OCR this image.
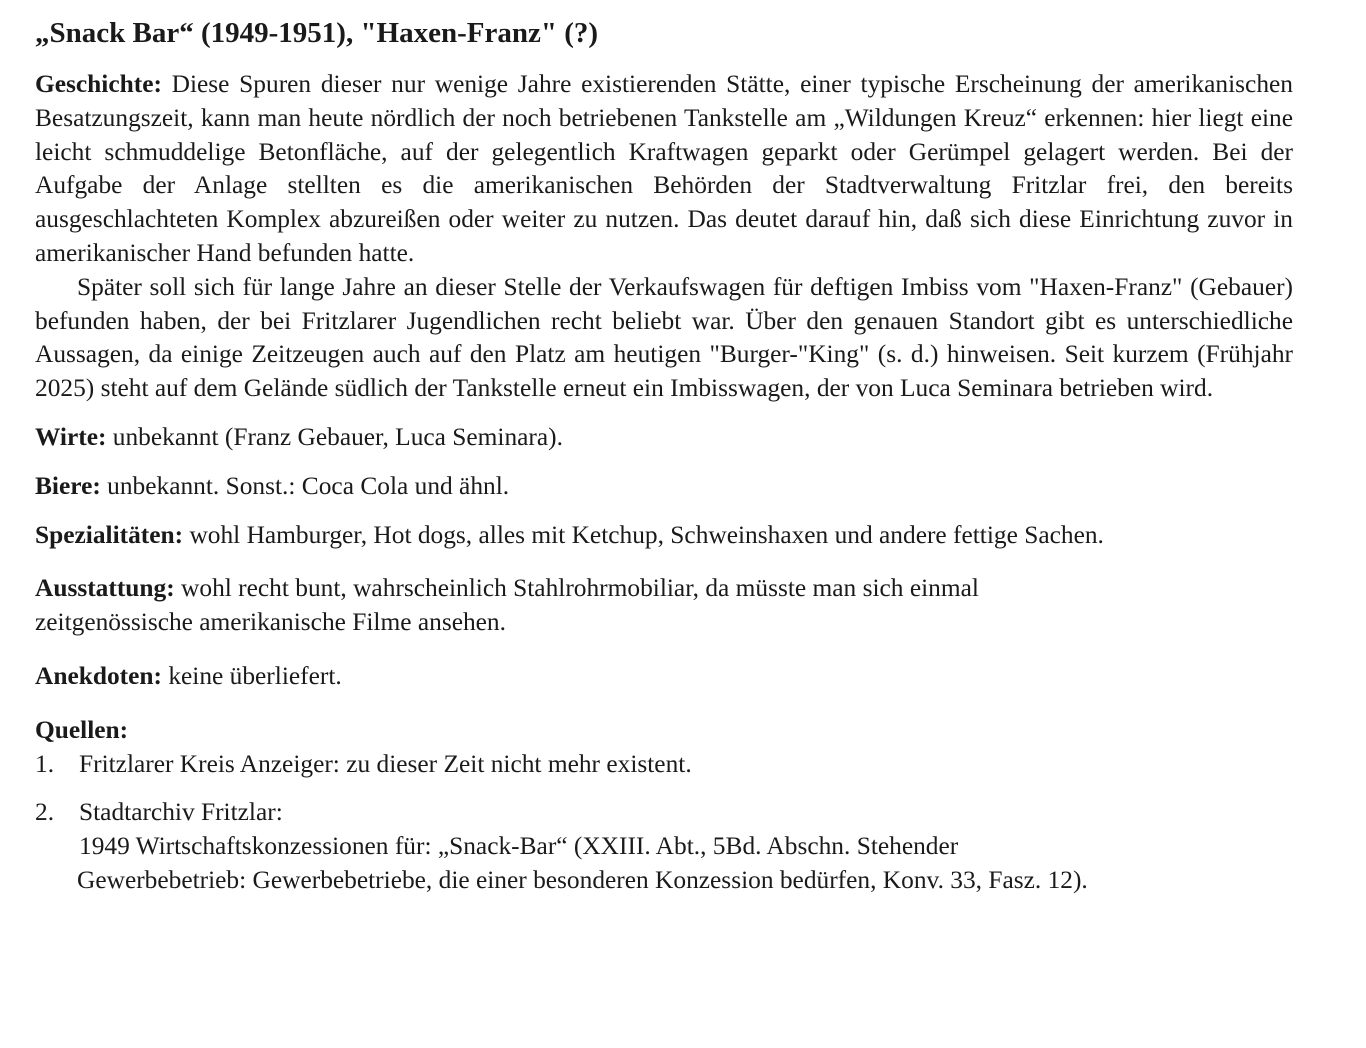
„Snack Bar“ (1949-1951), "Haxen-Franz" (?)

Geschichte: Diese Spuren dieser nur wenige Jahre existierenden Stätte, einer typische Erscheinung der amerikanischen Besatzungszeit, kann man heute nördlich der noch betriebenen Tankstelle am „Wildungen Kreuz“ erkennen: hier liegt eine leicht schmuddelige Betonfläche, auf der gelegentlich Kraftwagen geparkt oder Gerümpel gelagert werden. Bei der Aufgabe der Anlage stellten es die amerikanischen Behörden der Stadtverwaltung Fritzlar frei, den bereits ausgeschlachteten Komplex abzureißen oder weiter zu nutzen. Das deutet darauf hin, daß sich diese Einrichtung zuvor in amerikanischer Hand befunden hatte.

Später soll sich für lange Jahre an dieser Stelle der Verkaufswagen für deftigen Imbiss vom "Haxen-Franz" (Gebauer) befunden haben, der bei Fritzlarer Jugendlichen recht beliebt war. Über den genauen Standort gibt es unterschiedliche Aussagen, da einige Zeitzeugen auch auf den Platz am heutigen "Burger-"King" (s. d.) hinweisen. Seit kurzem (Frühjahr 2025) steht auf dem Gelände südlich der Tankstelle erneut ein Imbisswagen, der von Luca Seminara betrieben wird.

Wirte: unbekannt (Franz Gebauer, Luca Seminara).

Biere: unbekannt. Sonst.: Coca Cola und ähnl.

Spezialitäten: wohl Hamburger, Hot dogs, alles mit Ketchup, Schweinshaxen und andere fettige Sachen.

Ausstattung: wohl recht bunt, wahrscheinlich Stahlrohrmobiliar, da müsste man sich einmal
zeitgenössische amerikanische Filme ansehen.

Anekdoten: keine überliefert.

Quellen:

1. Fritzlarer Kreis Anzeiger: zu dieser Zeit nicht mehr existent.
2. Stadtarchiv Fritzlar:
1949 Wirtschaftskonzessionen für: „Snack-Bar“ (XXIII. Abt., 5Bd. Abschn. Stehender
Gewerbebetrieb: Gewerbebetriebe, die einer besonderen Konzession bedürfen, Konv. 33, Fasz. 12).
